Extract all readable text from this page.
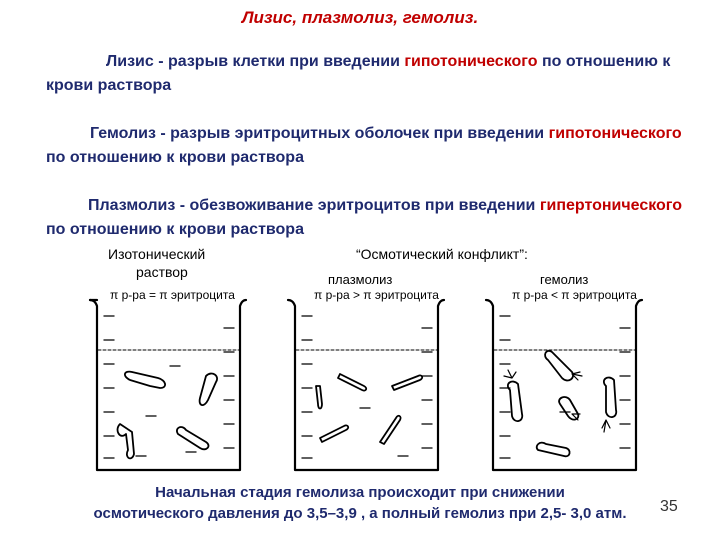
Лизис, плазмолиз, гемолиз.
Лизис - разрыв клетки при введении гипотонического по отношению к крови раствора
Гемолиз - разрыв эритроцитных оболочек при введении гипотонического по отношению к крови раствора
Плазмолиз - обезвоживание эритроцитов при введении гипертонического по отношению к крови раствора
Изотонический
раствор
“Осмотический конфликт”:
плазмолиз	гемолиз
π р-ра = π эритроцита	π р-ра > π эритроцита	π р-ра < π эритроцита
Начальная стадия гемолиза происходит при снижении
осмотического давления до 3,5–3,9 , а полный гемолиз при 2,5- 3,0 атм.	35
